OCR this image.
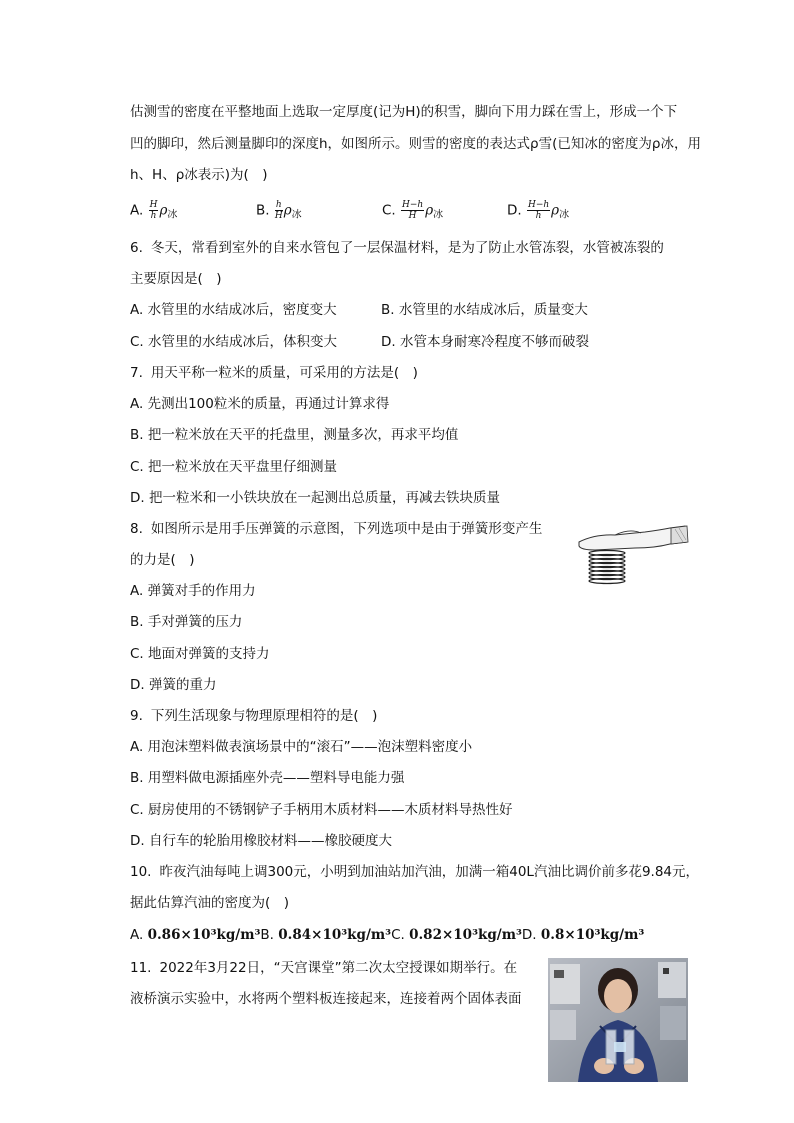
估测雪的密度在平整地面上选取一定厚度(记为H)的积雪，脚向下用力踩在雪上，形成一个下
凹的脚印，然后测量脚印的深度h，如图所示。则雪的密度的表达式ρ雪(已知冰的密度为ρ冰，用
h、H、ρ冰表示)为(　)
A. $\frac{H}{h} \rho_冰$	B. $\frac{h}{H} \rho_冰$	C. $\frac{H-h}{H} \rho_冰$	D. $\frac{H-h}{h} \rho_冰$
6. 冬天，常看到室外的自来水管包了一层保温材料，是为了防止水管冻裂，水管被冻裂的
主要原因是(　)
A. 水管里的水结成冰后，密度变大	B. 水管里的水结成冰后，质量变大
C. 水管里的水结成冰后，体积变大	D. 水管本身耐寒冷程度不够而破裂
7. 用天平称一粒米的质量，可采用的方法是(　)
A. 先测出100粒米的质量，再通过计算求得
B. 把一粒米放在天平的托盘里，测量多次，再求平均值
C. 把一粒米放在天平盘里仔细测量
D. 把一粒米和一小铁块放在一起测出总质量，再减去铁块质量
8. 如图所示是用手压弹簧的示意图，下列选项中是由于弹簧形变产生
的力是(　)
A. 弹簧对手的作用力
B. 手对弹簧的压力
C. 地面对弹簧的支持力
D. 弹簧的重力
9. 下列生活现象与物理原理相符的是(　)
A. 用泡沫塑料做表演场景中的“滚石”——泡沫塑料密度小
B. 用塑料做电源插座外壳——塑料导电能力强
C. 厨房使用的不锈钢铲子手柄用木质材料——木质材料导热性好
D. 自行车的轮胎用橡胶材料——橡胶硬度大
10. 昨夜汽油每吨上调300元，小明到加油站加汽油，加满一箱40L汽油比调价前多花9.84元，
据此估算汽油的密度为(　)
A. 0.86×10³kg/m³B. 0.84×10³kg/m³C. 0.82×10³kg/m³D. 0.8×10³kg/m³
11. 2022年3月22日，“天宫课堂”第二次太空授课如期举行。在
液桥演示实验中，水将两个塑料板连接起来，连接着两个固体表面
